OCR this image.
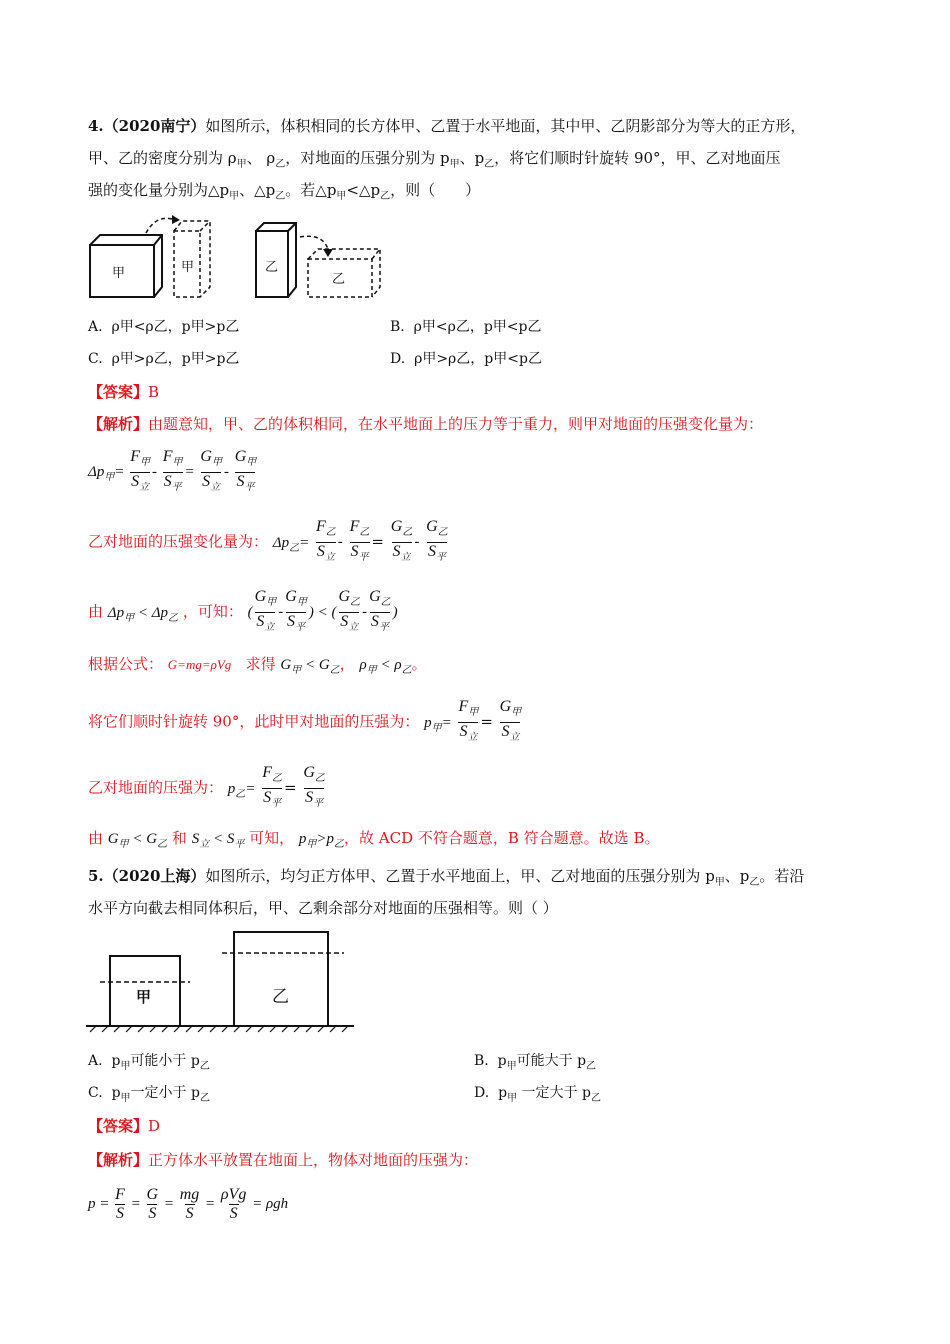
4.（2020南宁）如图所示，体积相同的长方体甲、乙置于水平地面，其中甲、乙阴影部分为等大的正方形，
甲、乙的密度分别为 $\rho_甲$、 $\rho_乙$，对地面的压强分别为 $p_甲$、$p_乙$，将它们顺时针旋转 90°，甲、乙对地面压
强的变化量分别为$\triangle p_甲$、$\triangle p_乙$。若$\triangle p_甲<\triangle p_乙$，则（　　）
甲	甲	乙
乙
A. ρ甲<ρ乙，p甲>p乙	B. ρ甲<ρ乙，p甲<p乙
C. ρ甲>ρ乙，p甲>p乙	D. ρ甲>ρ乙，p甲<p乙
【答案】B
【解析】由题意知，甲、乙的体积相同，在水平地面上的压力等于重力，则甲对地面的压强变化量为：
$\Delta p_甲= \frac{F_甲}{S_立} - \frac{F_甲}{S_平} = \frac{G_甲}{S_立} - \frac{G_甲}{S_平}$
乙对地面的压强变化量为： $\Delta p_乙= \frac{F_乙}{S_立} - \frac{F_乙}{S_平} = \frac{G_乙}{S_立} - \frac{G_乙}{S_平}$
由 $\Delta p_甲 < \Delta p_乙$ ，可知： ( $\frac{G_甲}{S_立} - \frac{G_甲}{S_平}$ ) < ( $\frac{G_乙}{S_立} - \frac{G_乙}{S_平}$ )
根据公式： G=mg=ρVg 求得 $G_甲 < G_乙$， $\rho_甲 < \rho_乙$。
将它们顺时针旋转 90°，此时甲对地面的压强为： $p_甲= \frac{F_甲}{S_立} = \frac{G_甲}{S_立}$
乙对地面的压强为： $p_乙= \frac{F_乙}{S_平} = \frac{G_乙}{S_平}$
由 $G_甲 < G_乙$ 和 $S_立 < S_平$ 可知， $p_甲>p_乙$，故 ACD 不符合题意，B 符合题意。故选 B。
5.（2020上海）如图所示，均匀正方体甲、乙置于水平地面上，甲、乙对地面的压强分别为 $p_甲$、$p_乙$。若沿
水平方向截去相同体积后，甲、乙剩余部分对地面的压强相等。则（ ）
甲	乙
A. $p_甲$可能小于 $p_乙$	B. $p_甲$可能大于 $p_乙$
C. $p_甲$一定小于 $p_乙$	D. $p_甲$ 一定大于 $p_乙$
【答案】D
【解析】正方体水平放置在地面上，物体对地面的压强为：
$p = \frac{F}{S} = \frac{G}{S} = \frac{mg}{S} = \frac{\text{ρVg}}{S} = \rho gh$
